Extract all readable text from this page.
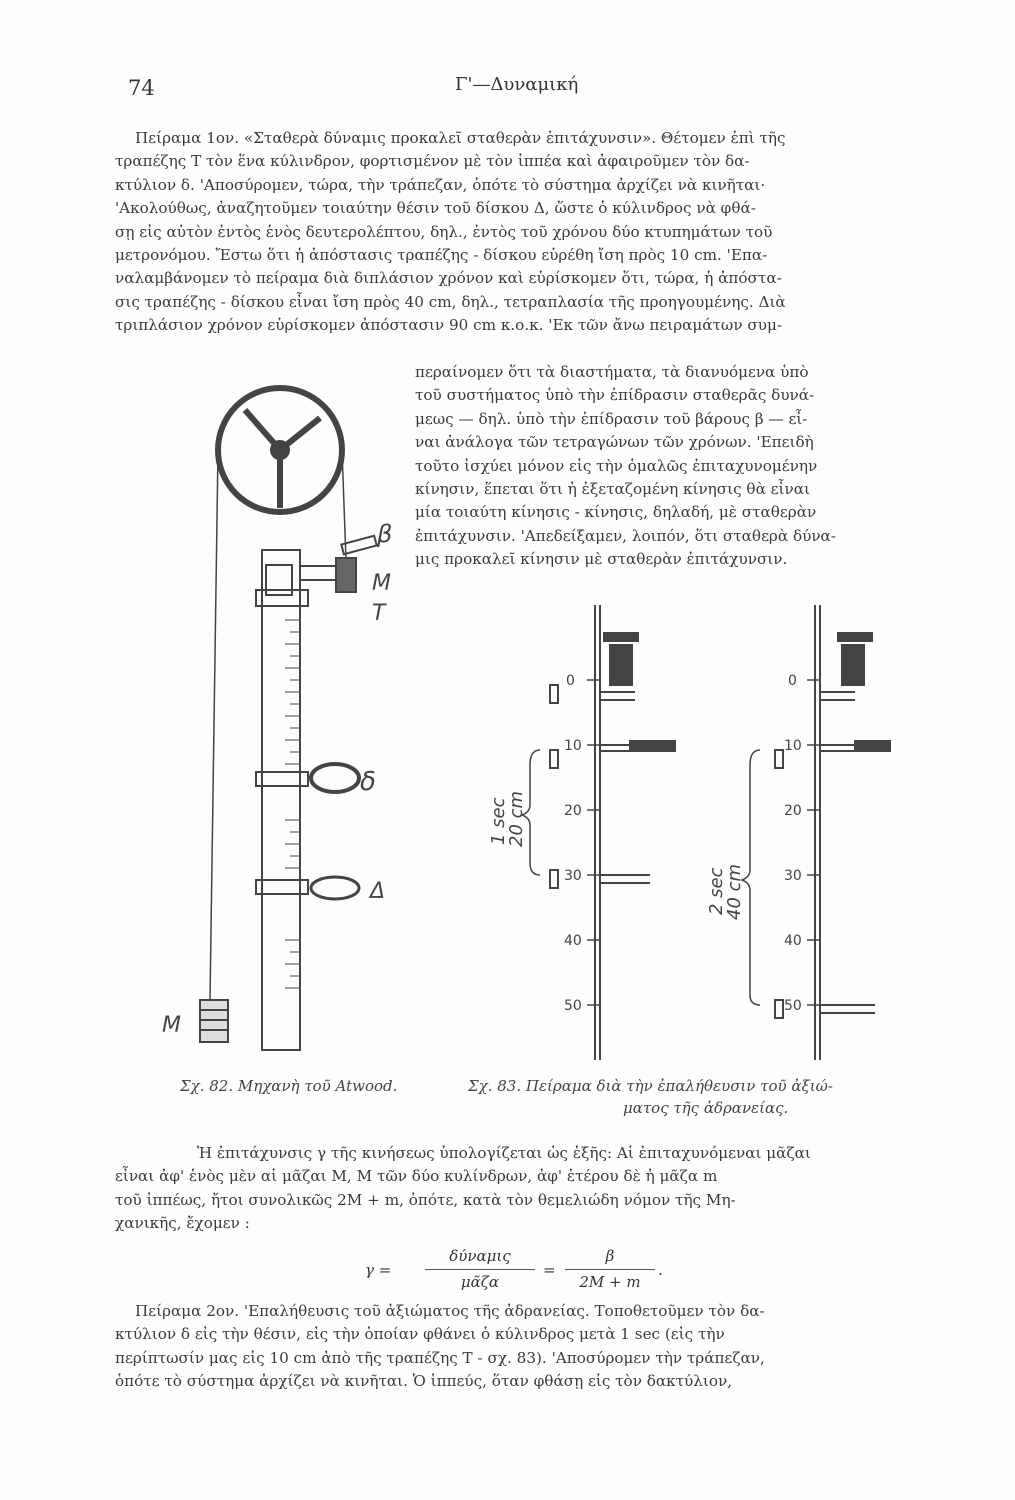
74	Γ'—Δυναμική
Πείραμα 1ον. «Σταθερὰ δύναμις προκαλεῖ σταθερὰν ἐπιτάχυνσιν». Θέτομεν ἐπὶ τῆς
τραπέζης Τ τὸν ἕνα κύλινδρον, φορτισμένον μὲ τὸν ἱππέα καὶ ἀφαιροῦμεν τὸν δα-
κτύλιον δ. 'Αποσύρομεν, τώρα, τὴν τράπεζαν, ὁπότε τὸ σύστημα ἀρχίζει νὰ κινῆται·
'Ακολούθως, ἀναζητοῦμεν τοιαύτην θέσιν τοῦ δίσκου Δ, ὥστε ὁ κύλινδρος νὰ φθά-
σῃ εἰς αὐτὸν ἐντὸς ἑνὸς δευτερολέπτου, δηλ., ἐντὸς τοῦ χρόνου δύο κτυπημάτων τοῦ
μετρονόμου. Ἔστω ὅτι ἡ ἀπόστασις τραπέζης - δίσκου εὑρέθη ἴση πρὸς 10 cm. 'Επα-
ναλαμβάνομεν τὸ πείραμα διὰ διπλάσιον χρόνον καὶ εὑρίσκομεν ὅτι, τώρα, ἡ ἀπόστα-
σις τραπέζης - δίσκου εἶναι ἴση πρὸς 40 cm, δηλ., τετραπλασία τῆς προηγουμένης. Διὰ
τριπλάσιον χρόνον εὑρίσκομεν ἀπόστασιν 90 cm κ.ο.κ. 'Εκ τῶν ἄνω πειραμάτων συμ-
περαίνομεν ὅτι τὰ διαστήματα, τὰ διανυόμενα ὑπὸ
τοῦ συστήματος ὑπὸ τὴν ἐπίδρασιν σταθερᾶς δυνά-
μεως — δηλ. ὑπὸ τὴν ἐπίδρασιν τοῦ βάρους β — εἶ-
ναι ἀνάλογα τῶν τετραγώνων τῶν χρόνων. 'Επειδὴ
τοῦτο ἰσχύει μόνον εἰς τὴν ὁμαλῶς ἐπιταχυνομένην
κίνησιν, ἕπεται ὅτι ἡ ἐξεταζομένη κίνησις θὰ εἶναι
μία τοιαύτη κίνησις - κίνησις, δηλαδή, μὲ σταθερὰν
ἐπιτάχυνσιν. 'Απεδείξαμεν, λοιπόν, ὅτι σταθερὰ δύνα-
μις προκαλεῖ κίνησιν μὲ σταθερὰν ἐπιτάχυνσιν.
β
Μ
Τ
δ
Δ
Μ
0
10
20
30
40
50
0
10
20
30
40
50
1 sec
20 cm
2 sec
40 cm
Σχ. 82. Μηχανὴ τοῦ Atwood.	Σχ. 83. Πείραμα διὰ τὴν ἐπαλήθευσιν τοῦ ἀξιώ-
ματος τῆς ἀδρανείας.
Ἡ ἐπιτάχυνσις γ τῆς κινήσεως ὑπολογίζεται ὡς ἑξῆς: Αἱ ἐπιταχυνόμεναι μᾶζαι
εἶναι ἀφ' ἑνὸς μὲν αἱ μᾶζαι Μ, Μ τῶν δύο κυλίνδρων, ἀφ' ἑτέρου δὲ ἡ μᾶζα m
τοῦ ἱππέως, ἤτοι συνολικῶς 2Μ + m, ὁπότε, κατὰ τὸν θεμελιώδη νόμον τῆς Μη-
χανικῆς, ἔχομεν :
γ =
δύναμις
μᾶζα
=
β
2M + m
.
Πείραμα 2ον. 'Επαλήθευσις τοῦ ἀξιώματος τῆς ἀδρανείας. Τοποθετοῦμεν τὸν δα-
κτύλιον δ εἰς τὴν θέσιν, εἰς τὴν ὁποίαν φθάνει ὁ κύλινδρος μετὰ 1 sec (εἰς τὴν
περίπτωσίν μας εἰς 10 cm ἀπὸ τῆς τραπέζης Τ - σχ. 83). 'Αποσύρομεν τὴν τράπεζαν,
ὁπότε τὸ σύστημα ἀρχίζει νὰ κινῆται. Ὁ ἱππεύς, ὅταν φθάσῃ εἰς τὸν δακτύλιον,
